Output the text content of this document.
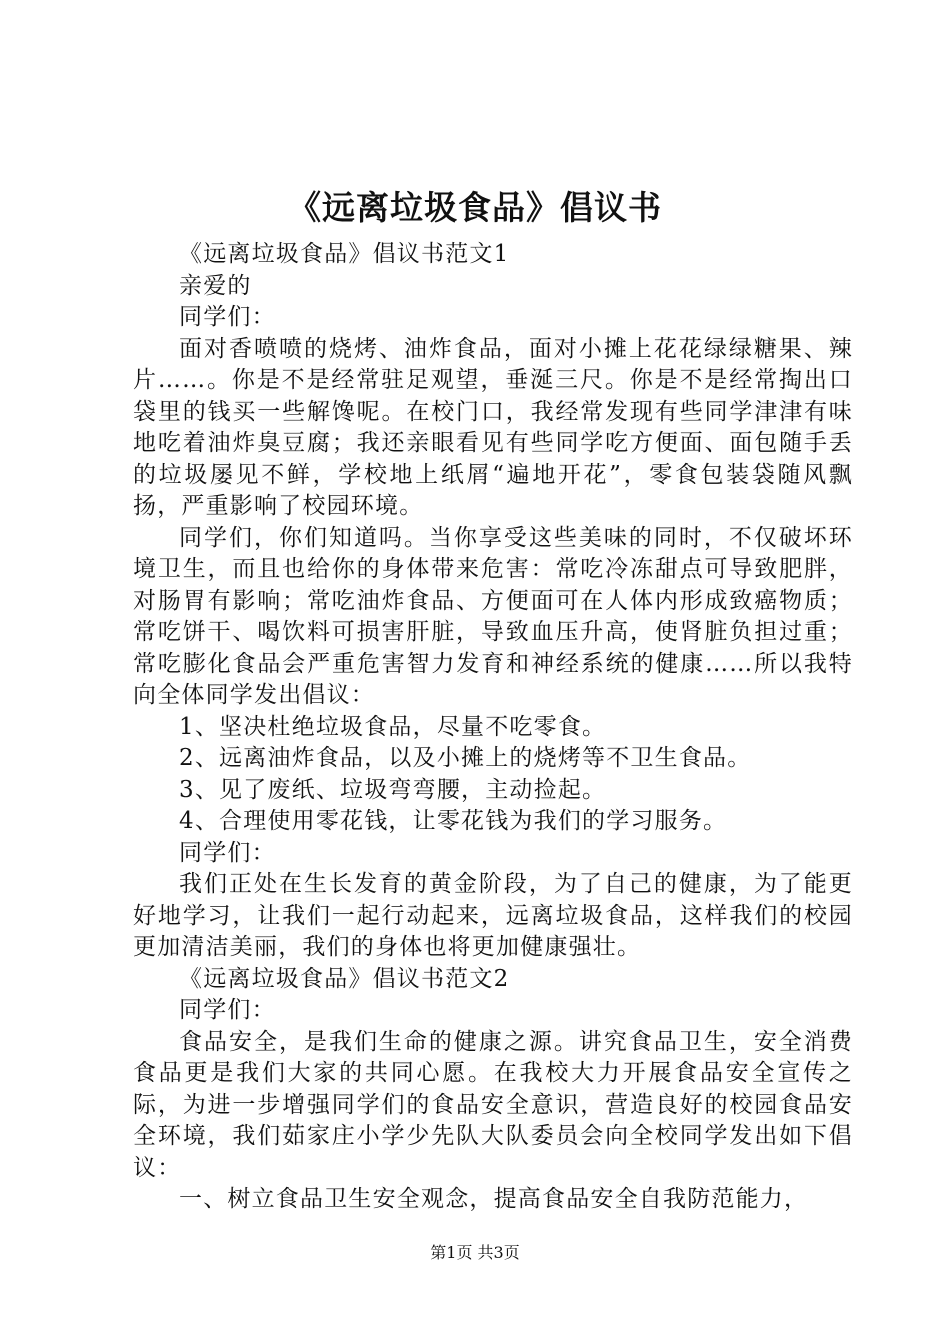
《远离垃圾食品》倡议书

《远离垃圾食品》倡议书范文1

亲爱的

同学们：

面对香喷喷的烧烤、油炸食品，面对小摊上花花绿绿糖果、辣片……。你是不是经常驻足观望，垂涎三尺。你是不是经常掏出口袋里的钱买一些解馋呢。在校门口，我经常发现有些同学津津有味地吃着油炸臭豆腐；我还亲眼看见有些同学吃方便面、面包随手丢的垃圾屡见不鲜，学校地上纸屑“遍地开花”，零食包装袋随风飘扬，严重影响了校园环境。

同学们，你们知道吗。当你享受这些美味的同时，不仅破坏环境卫生，而且也给你的身体带来危害：常吃冷冻甜点可导致肥胖，对肠胃有影响；常吃油炸食品、方便面可在人体内形成致癌物质；常吃饼干、喝饮料可损害肝脏，导致血压升高，使肾脏负担过重；常吃膨化食品会严重危害智力发育和神经系统的健康……所以我特向全体同学发出倡议：

1、坚决杜绝垃圾食品，尽量不吃零食。

2、远离油炸食品，以及小摊上的烧烤等不卫生食品。

3、见了废纸、垃圾弯弯腰，主动捡起。

4、合理使用零花钱，让零花钱为我们的学习服务。

同学们：

我们正处在生长发育的黄金阶段，为了自己的健康，为了能更好地学习，让我们一起行动起来，远离垃圾食品，这样我们的校园更加清洁美丽，我们的身体也将更加健康强壮。

《远离垃圾食品》倡议书范文2

同学们：

食品安全，是我们生命的健康之源。讲究食品卫生，安全消费食品更是我们大家的共同心愿。在我校大力开展食品安全宣传之际，为进一步增强同学们的食品安全意识，营造良好的校园食品安全环境，我们茹家庄小学少先队大队委员会向全校同学发出如下倡议：

一、树立食品卫生安全观念，提高食品安全自我防范能力，

第1页 共3页
